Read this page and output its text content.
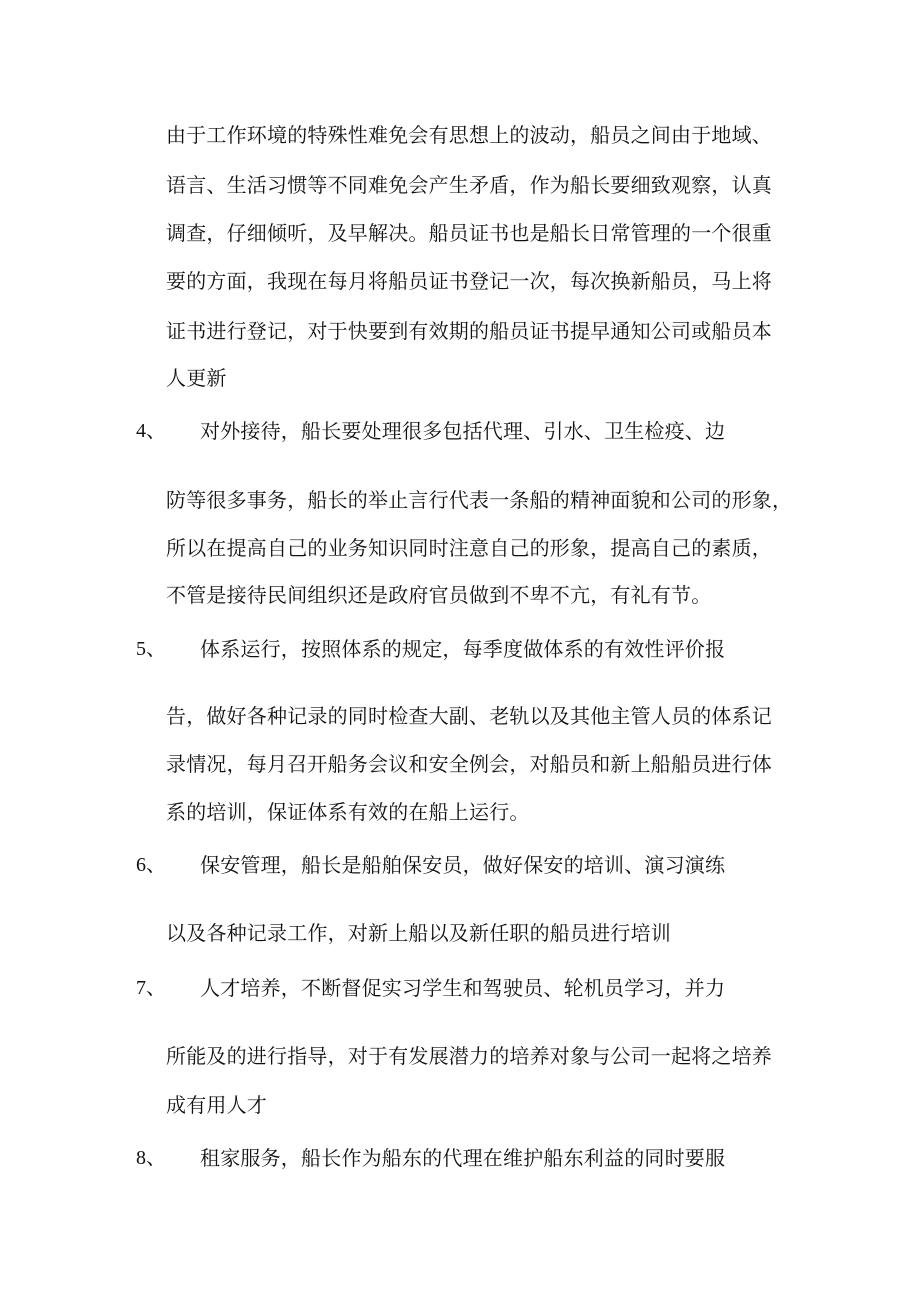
由于工作环境的特殊性难免会有思想上的波动，船员之间由于地域、
语言、生活习惯等不同难免会产生矛盾，作为船长要细致观察，认真
调查，仔细倾听，及早解决。船员证书也是船长日常管理的一个很重
要的方面，我现在每月将船员证书登记一次，每次换新船员，马上将
证书进行登记，对于快要到有效期的船员证书提早通知公司或船员本
人更新
4、 对外接待，船长要处理很多包括代理、引水、卫生检疫、边
防等很多事务，船长的举止言行代表一条船的精神面貌和公司的形象，
所以在提高自己的业务知识同时注意自己的形象，提高自己的素质，
不管是接待民间组织还是政府官员做到不卑不亢，有礼有节。
5、 体系运行，按照体系的规定，每季度做体系的有效性评价报
告，做好各种记录的同时检查大副、老轨以及其他主管人员的体系记
录情况，每月召开船务会议和安全例会，对船员和新上船船员进行体
系的培训，保证体系有效的在船上运行。
6、 保安管理，船长是船舶保安员，做好保安的培训、演习演练
以及各种记录工作，对新上船以及新任职的船员进行培训
7、 人才培养，不断督促实习学生和驾驶员、轮机员学习，并力
所能及的进行指导，对于有发展潜力的培养对象与公司一起将之培养
成有用人才
8、 租家服务，船长作为船东的代理在维护船东利益的同时要服
